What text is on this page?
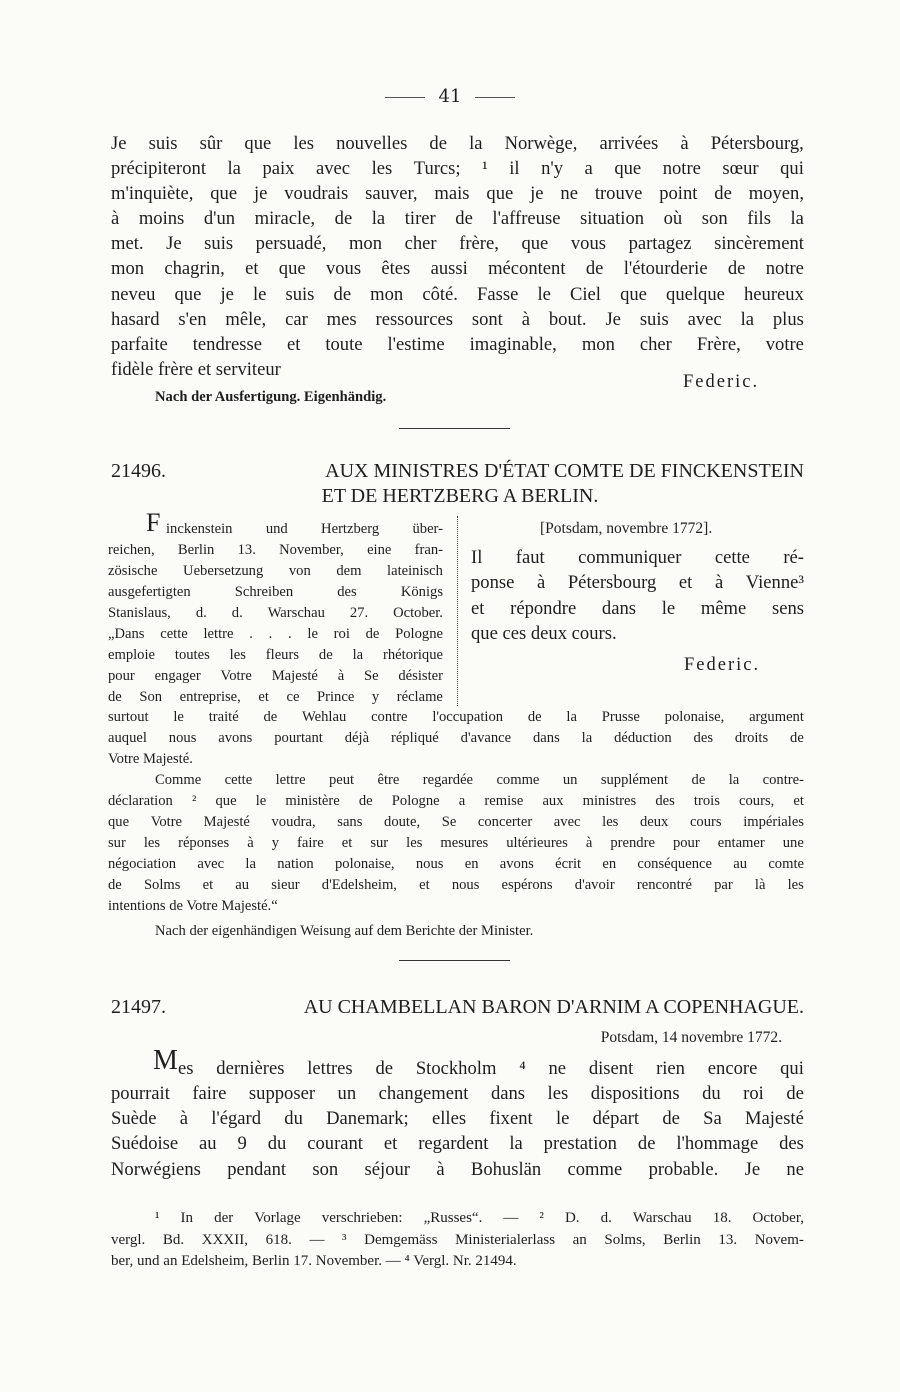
41
Je suis sûr que les nouvelles de la Norwège, arrivées à Pétersbourg,
précipiteront la paix avec les Turcs; ¹ il n'y a que notre sœur qui
m'inquiète, que je voudrais sauver, mais que je ne trouve point de moyen,
à moins d'un miracle, de la tirer de l'affreuse situation où son fils la
met. Je suis persuadé, mon cher frère, que vous partagez sincèrement
mon chagrin, et que vous êtes aussi mécontent de l'étourderie de notre
neveu que je le suis de mon côté. Fasse le Ciel que quelque heureux
hasard s'en mêle, car mes ressources sont à bout. Je suis avec la plus
parfaite tendresse et toute l'estime imaginable, mon cher Frère, votre
fidèle frère et serviteur
Federic.
Nach der Ausfertigung. Eigenhändig.
21496.	AUX MINISTRES D'ÉTAT COMTE DE FINCKENSTEIN
ET DE HERTZBERG A BERLIN.
F inckenstein und Hertzberg über-
reichen, Berlin 13. November, eine fran-
zösische Uebersetzung von dem lateinisch
ausgefertigten	Schreiben	des	Königs
Stanislaus, d. d. Warschau 27. October.
„Dans cette lettre . . . le roi de Pologne
emploie toutes les fleurs de la rhétorique
pour engager Votre Majesté à Se désister
de Son entreprise, et ce Prince y réclame
[Potsdam, novembre 1772].
Il faut communiquer cette ré-
ponse à Pétersbourg et à Vienne³
et répondre dans le même sens
que ces deux cours.
Federic.
surtout le traité de Wehlau contre l'occupation de la Prusse polonaise, argument
auquel nous avons pourtant déjà répliqué d'avance dans la déduction des droits de
Votre Majesté.
Comme cette lettre peut être regardée comme un supplément de la contre-
déclaration ² que le ministère de Pologne a remise aux ministres des trois cours, et
que Votre Majesté voudra, sans doute, Se concerter avec les deux cours impériales
sur les réponses à y faire et sur les mesures ultérieures à prendre pour entamer une
négociation avec la nation polonaise, nous en avons écrit en conséquence au comte
de Solms et au sieur d'Edelsheim, et nous espérons d'avoir rencontré par là les
intentions de Votre Majesté.“
Nach der eigenhändigen Weisung auf dem Berichte der Minister.
21497.	AU CHAMBELLAN BARON D'ARNIM A COPENHAGUE.
Potsdam, 14 novembre 1772.
M es dernières lettres de Stockholm ⁴ ne disent rien encore qui
pourrait faire supposer un changement dans les dispositions du roi de
Suède à l'égard du Danemark; elles fixent le départ de Sa Majesté
Suédoise au 9 du courant et regardent la prestation de l'hommage des
Norwégiens pendant son séjour à Bohuslän comme probable. Je ne
¹ In der Vorlage verschrieben: „Russes“. — ² D. d. Warschau 18. October,
vergl. Bd. XXXII, 618. — ³ Demgemäss Ministerialerlass an Solms, Berlin 13. Novem-
ber, und an Edelsheim, Berlin 17. November. — ⁴ Vergl. Nr. 21494.
